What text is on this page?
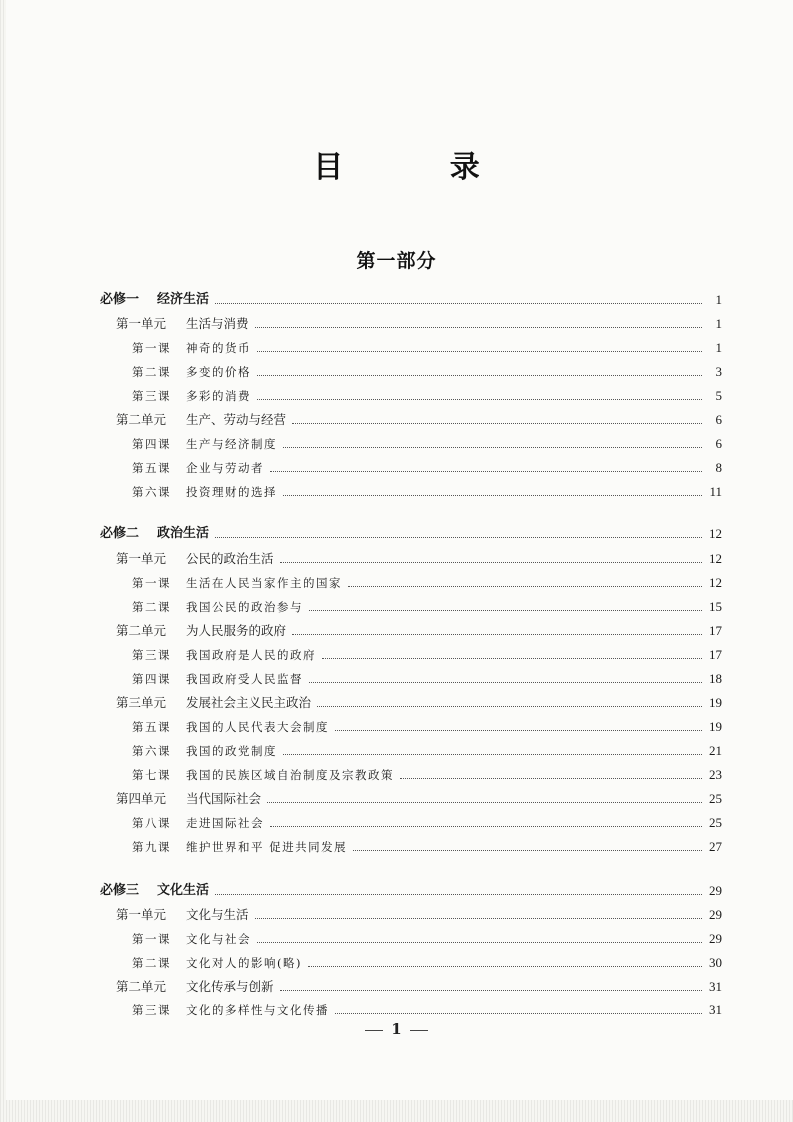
目 录
第一部分
必修一	经济生活	1
第一单元	生活与消费	1
第一课	神奇的货币	1
第二课	多变的价格	3
第三课	多彩的消费	5
第二单元	生产、劳动与经营	6
第四课	生产与经济制度	6
第五课	企业与劳动者	8
第六课	投资理财的选择	11
必修二	政治生活	12
第一单元	公民的政治生活	12
第一课	生活在人民当家作主的国家	12
第二课	我国公民的政治参与	15
第二单元	为人民服务的政府	17
第三课	我国政府是人民的政府	17
第四课	我国政府受人民监督	18
第三单元	发展社会主义民主政治	19
第五课	我国的人民代表大会制度	19
第六课	我国的政党制度	21
第七课	我国的民族区域自治制度及宗教政策	23
第四单元	当代国际社会	25
第八课	走进国际社会	25
第九课	维护世界和平 促进共同发展	27
必修三	文化生活	29
第一单元	文化与生活	29
第一课	文化与社会	29
第二课	文化对人的影响(略)	30
第二单元	文化传承与创新	31
第三课	文化的多样性与文化传播	31
1
